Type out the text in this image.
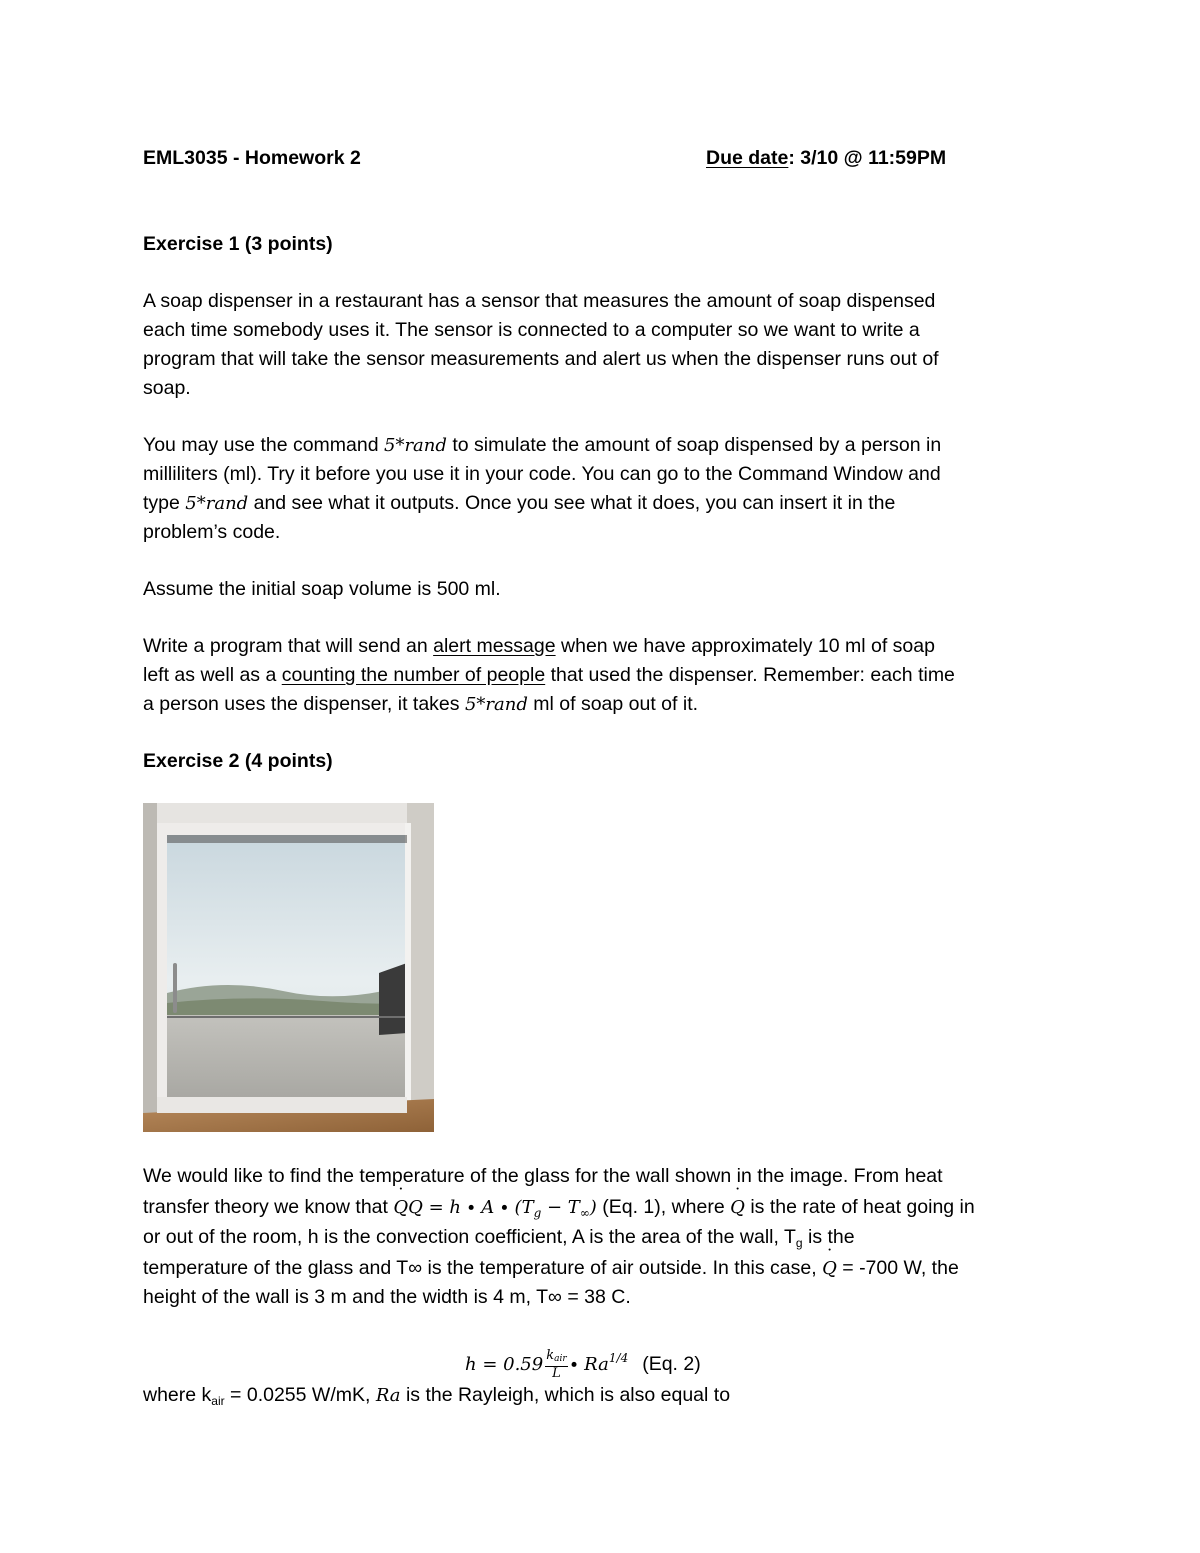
EML3035 - Homework 2	Due date: 3/10 @ 11:59PM
Exercise 1 (3 points)
A soap dispenser in a restaurant has a sensor that measures the amount of soap dispensed
each time somebody uses it. The sensor is connected to a computer so we want to write a
program that will take the sensor measurements and alert us when the dispenser runs out of
soap.
You may use the command 5*rand to simulate the amount of soap dispensed by a person in
milliliters (ml). Try it before you use it in your code. You can go to the Command Window and
type 5*rand and see what it outputs. Once you see what it does, you can insert it in the
problem’s code.
Assume the initial soap volume is 500 ml.
Write a program that will send an alert message when we have approximately 10 ml of soap
left as well as a counting the number of people that used the dispenser. Remember: each time
a person uses the dispenser, it takes 5*rand ml of soap out of it.
Exercise 2 (4 points)
We would like to find the temperature of the glass for the wall shown in the image. From heat
transfer theory we know that ˙ QQ = $h \cdot A \cdot (T_g - T_\infty)$ (Eq. 1), where ˙ Q is the rate of heat going in
or out of the room, h is the convection coefficient, A is the area of the wall, $T_g$ is the
temperature of the glass and T∞ is the temperature of air outside. In this case, ˙ Q = -700 W, the
height of the wall is 3 m and the width is 4 m, T∞ = 38 C.
$h = 0.59 \frac{k_{air}}{L} \cdot Ra^{1/4}$ (Eq. 2)
where $k_{air} = 0.0255$ W/mK, Ra is the Rayleigh, which is also equal to
